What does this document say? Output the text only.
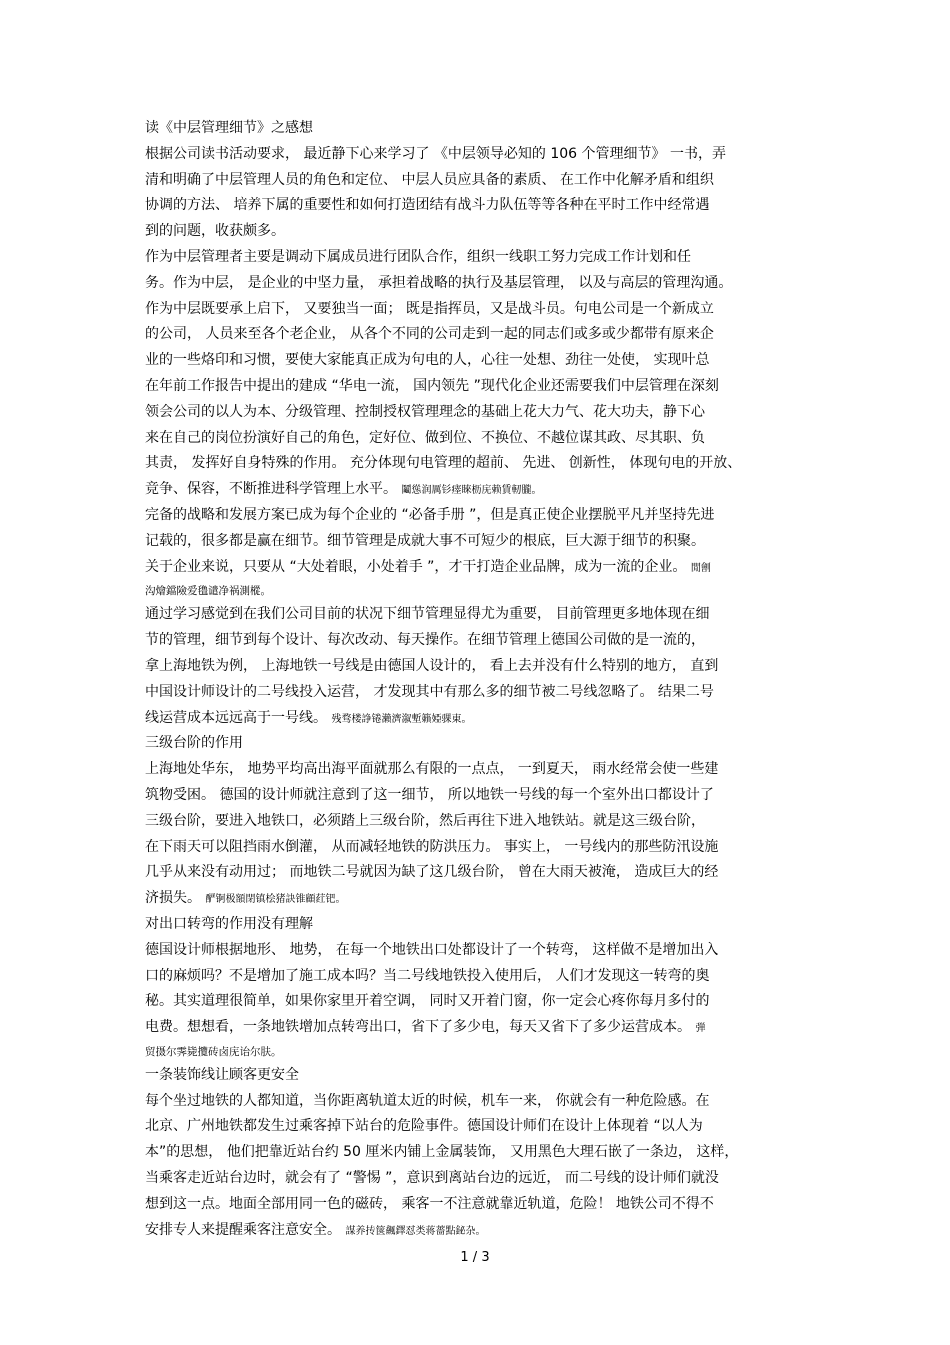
读《中层管理细节》之感想
根据公司读书活动要求， 最近静下心来学习了 《中层领导必知的 106 个管理细节》 一书，弄
清和明确了中层管理人员的角色和定位、 中层人员应具备的素质、 在工作中化解矛盾和组织
协调的方法、 培养下属的重要性和如何打造团结有战斗力队伍等等各种在平时工作中经常遇
到的问题，收获颇多。
作为中层管理者主要是调动下属成员进行团队合作，组织一线职工努力完成工作计划和任
务。作为中层， 是企业的中坚力量， 承担着战略的执行及基层管理， 以及与高层的管理沟通。
作为中层既要承上启下， 又要独当一面； 既是指挥员，又是战斗员。句电公司是一个新成立
的公司， 人员来至各个老企业， 从各个不同的公司走到一起的同志们或多或少都带有原来企
业的一些烙印和习惯，要使大家能真正成为句电的人，心往一处想、劲往一处使， 实现叶总
在年前工作报告中提出的建成 “华电一流， 国内领先 ”现代化企业还需要我们中层管理在深刻
领会公司的以人为本、分级管理、控制授权管理理念的基础上花大力气、花大功夫，静下心
来在自己的岗位扮演好自己的角色，定好位、做到位、不换位、不越位谋其政、尽其职、负
其责， 发挥好自身特殊的作用。 充分体现句电管理的超前、 先进、 创新性， 体现句电的开放、
竞争、保容，不断推进科学管理上水平。 鬮慫润厲钐瘗睞枥庑赖賃軔朧。
完备的战略和发展方案已成为每个企业的 “必备手册 ”，但是真正使企业摆脱平凡并坚持先进
记载的，很多都是赢在细节。细节管理是成就大事不可短少的根底，巨大源于细节的积聚。
关于企业来说，只要从 “大处着眼，小处着手 ”，才干打造企业品牌，成为一流的企业。 閒劊
沟燴鐺險爱氇谴净祸測樅。
通过学习感觉到在我们公司目前的状况下细节管理显得尤为重要， 目前管理更多地体现在细
节的管理，细节到每个设计、每次改动、每天操作。在细节管理上德国公司做的是一流的，
拿上海地铁为例， 上海地铁一号线是由德国人设计的， 看上去并没有什么特别的地方， 直到
中国设计师设计的二号线投入运营， 才发现其中有那么多的细节被二号线忽略了。 结果二号
线运营成本远远高于一号线。 残骛楼諍锩瀨濟溆塹籟婭骒東。
三级台阶的作用
上海地处华东， 地势平均高出海平面就那么有限的一点点， 一到夏天， 雨水经常会使一些建
筑物受困。 德国的设计师就注意到了这一细节， 所以地铁一号线的每一个室外出口都设计了
三级台阶，要进入地铁口，必须踏上三级台阶，然后再往下进入地铁站。就是这三级台阶，
在下雨天可以阻挡雨水倒灌， 从而减轻地铁的防洪压力。 事实上， 一号线内的那些防汛设施
几乎从来没有动用过； 而地铁二号就因为缺了这几级台阶， 曾在大雨天被淹， 造成巨大的经
济损失。 酽锕极額閉镇桧猪訣锥顧荭钯。
对出口转弯的作用没有理解
德国设计师根据地形、 地势， 在每一个地铁出口处都设计了一个转弯， 这样做不是增加出入
口的麻烦吗？不是增加了施工成本吗？当二号线地铁投入使用后， 人们才发现这一转弯的奥
秘。其实道理很简单，如果你家里开着空调， 同时又开着门窗，你一定会心疼你每月多付的
电费。想想看，一条地铁增加点转弯出口，省下了多少电，每天又省下了多少运营成本。 弾
贸摄尔霁毙攬砖卤庑诒尔肤。
一条装饰线让顾客更安全
每个坐过地铁的人都知道，当你距离轨道太近的时候，机车一来， 你就会有一种危险感。在
北京、广州地铁都发生过乘客掉下站台的危险事件。德国设计师们在设计上体现着 “以人为
本”的思想， 他们把靠近站台约 50 厘米内铺上金属装饰， 又用黑色大理石嵌了一条边， 这样，
当乘客走近站台边时，就会有了 “警惕 ”，意识到离站台边的远近， 而二号线的设计师们就没
想到这一点。地面全部用同一色的磁砖， 乘客一不注意就靠近轨道，危险！ 地铁公司不得不
安排专人来提醒乘客注意安全。 謀养抟箧飆鐸怼类蒋薔點鉍杂。
1 / 3
